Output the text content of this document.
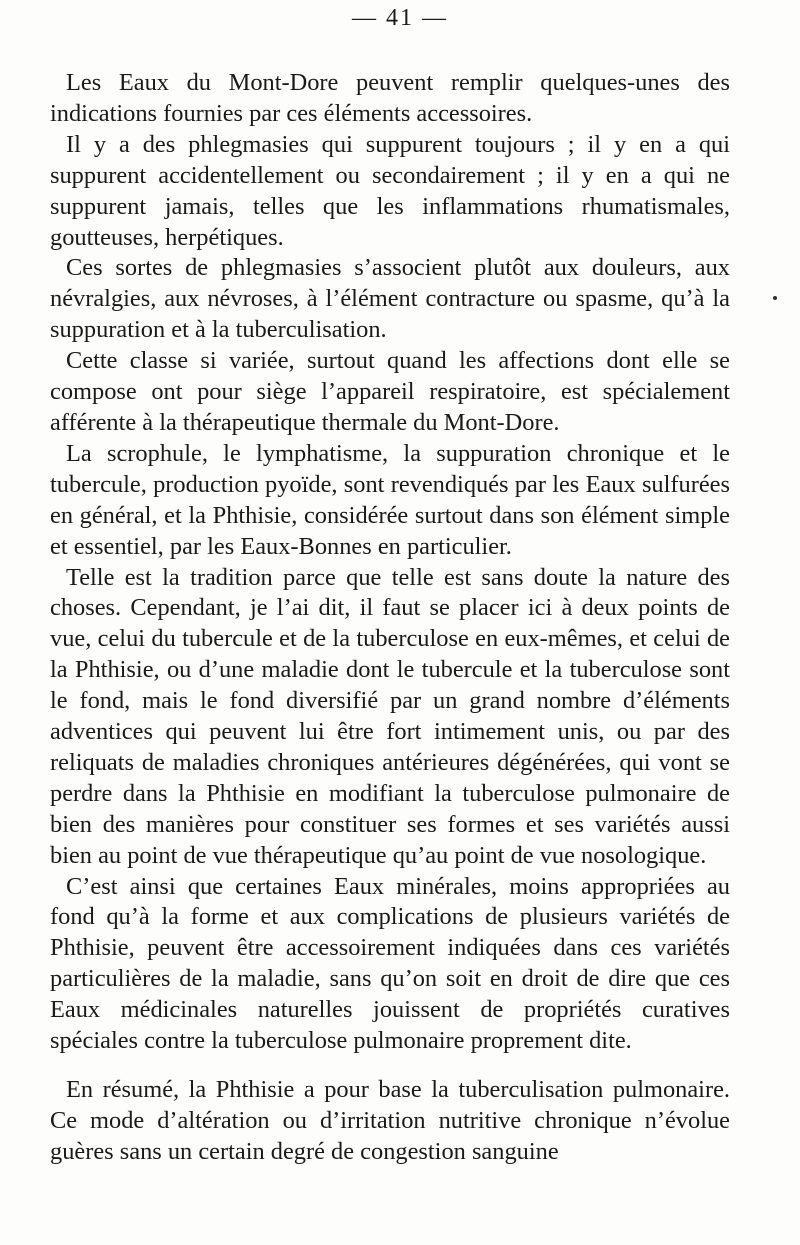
— 41 —

Les Eaux du Mont-Dore peuvent remplir quelques-unes des indications fournies par ces éléments accessoires.

Il y a des phlegmasies qui suppurent toujours ; il y en a qui suppurent accidentellement ou secondairement ; il y en a qui ne suppurent jamais, telles que les inflammations rhumatismales, goutteuses, herpétiques.

Ces sortes de phlegmasies s’associent plutôt aux douleurs, aux névralgies, aux névroses, à l’élément contracture ou spasme, qu’à la suppuration et à la tuberculisation.

Cette classe si variée, surtout quand les affections dont elle se compose ont pour siège l’appareil respiratoire, est spécialement afférente à la thérapeutique thermale du Mont-Dore.

La scrophule, le lymphatisme, la suppuration chronique et le tubercule, production pyoïde, sont revendiqués par les Eaux sulfurées en général, et la Phthisie, considérée surtout dans son élément simple et essentiel, par les Eaux-Bonnes en particulier.

Telle est la tradition parce que telle est sans doute la nature des choses. Cependant, je l’ai dit, il faut se placer ici à deux points de vue, celui du tubercule et de la tuberculose en eux-mêmes, et celui de la Phthisie, ou d’une maladie dont le tubercule et la tuberculose sont le fond, mais le fond diversifié par un grand nombre d’éléments adventices qui peuvent lui être fort intimement unis, ou par des reliquats de maladies chroniques antérieures dégénérées, qui vont se perdre dans la Phthisie en modifiant la tuberculose pulmonaire de bien des manières pour constituer ses formes et ses variétés aussi bien au point de vue thérapeutique qu’au point de vue nosologique.

C’est ainsi que certaines Eaux minérales, moins appropriées au fond qu’à la forme et aux complications de plusieurs variétés de Phthisie, peuvent être accessoirement indiquées dans ces variétés particulières de la maladie, sans qu’on soit en droit de dire que ces Eaux médicinales naturelles jouissent de propriétés curatives spéciales contre la tuberculose pulmonaire proprement dite.

En résumé, la Phthisie a pour base la tuberculisation pulmonaire. Ce mode d’altération ou d’irritation nutritive chronique n’évolue guères sans un certain degré de congestion sanguine
